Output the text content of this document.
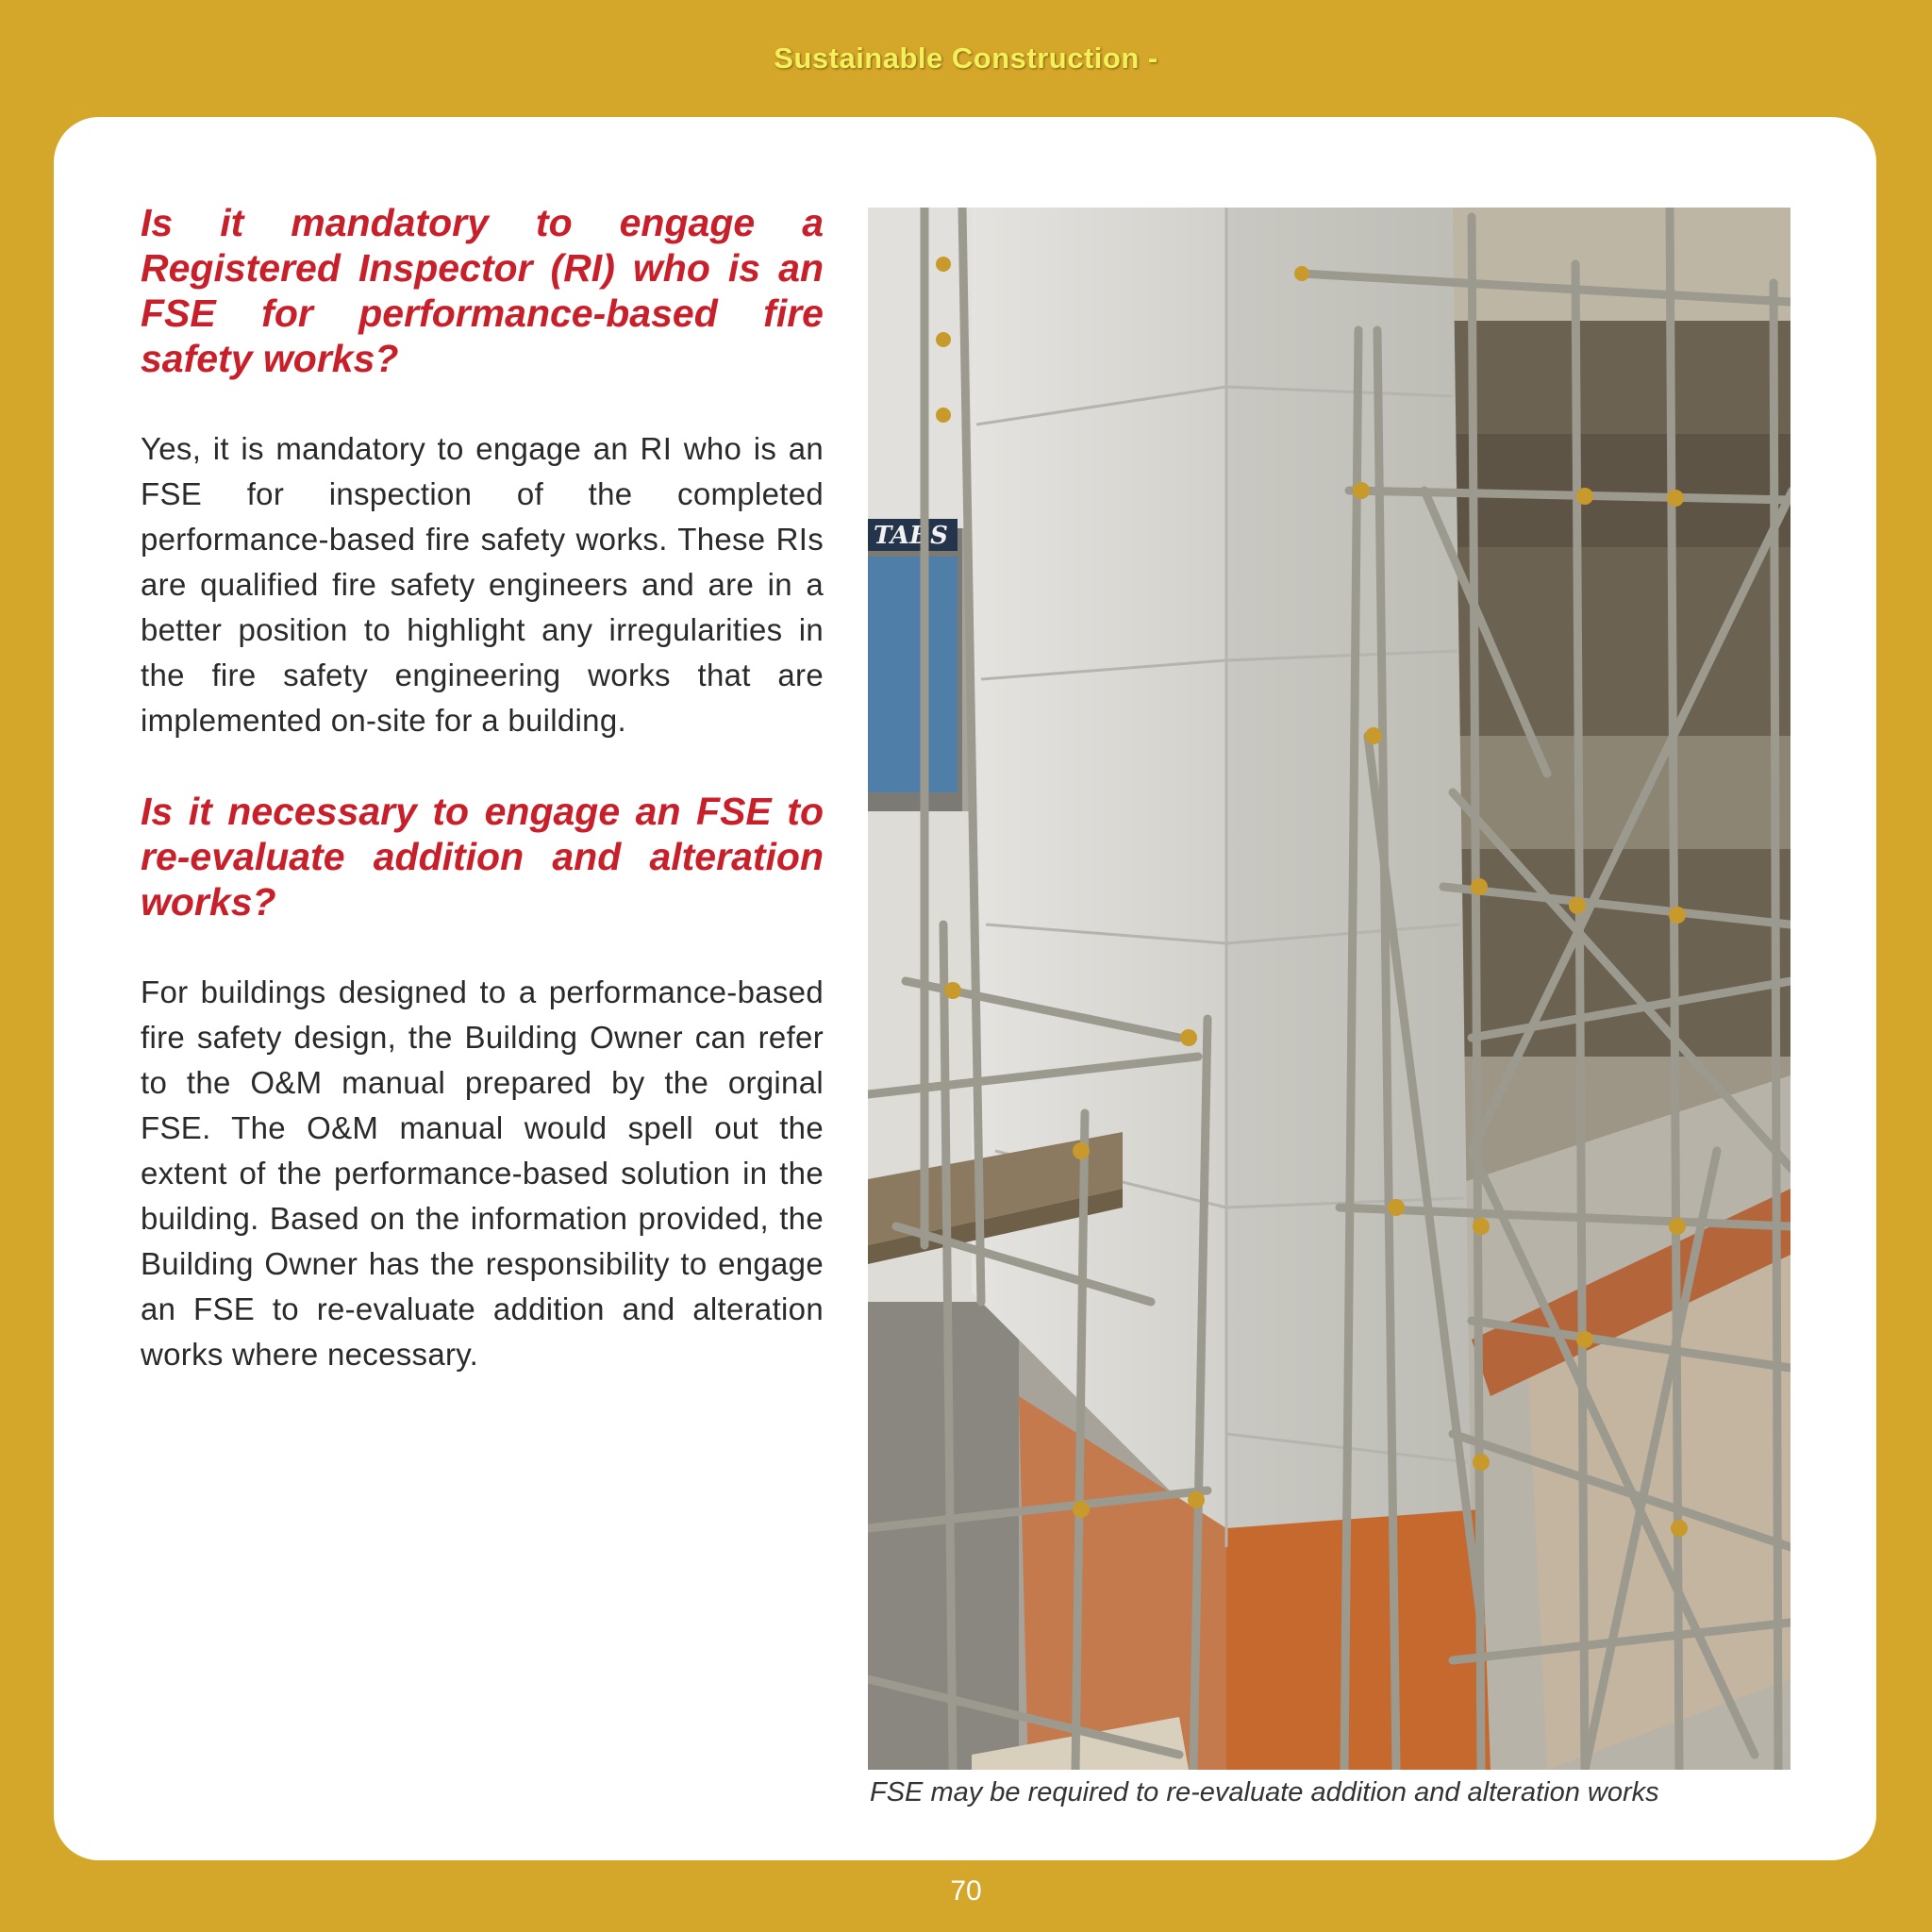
Sustainable Construction -

Is it mandatory to engage a Registered Inspector (RI) who is an FSE for performance-based fire safety works?

Yes, it is mandatory to engage an RI who is an FSE for inspection of the completed performance-based fire safety works. These RIs are qualified fire safety engineers and are in a better position to highlight any irregularities in the fire safety engineering works that are implemented on-site for a building.

Is it necessary to engage an FSE to re-evaluate addition and alteration works?

For buildings designed to a performance-based fire safety design, the Building Owner can refer to the O&M manual prepared by the orginal FSE. The O&M manual would spell out the extent of the performance-based solution in the building. Based on the information provided, the Building Owner has the responsibility to engage an FSE to re-evaluate addition and alteration works where necessary.

TABS
FSE may be required to re-evaluate addition and alteration works
70
